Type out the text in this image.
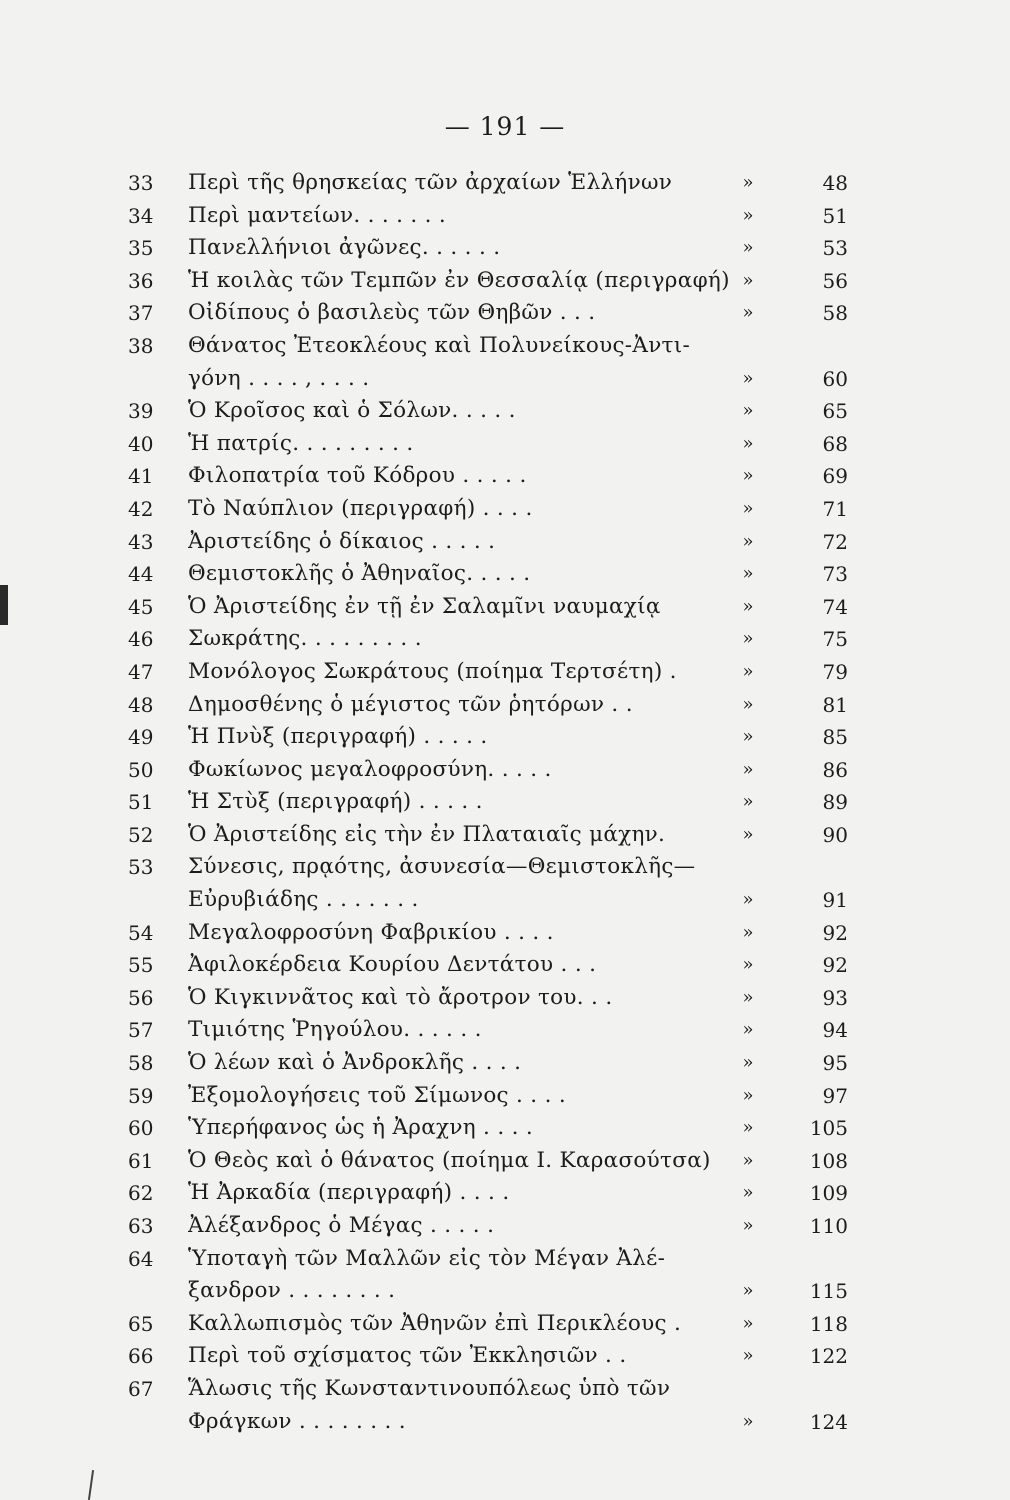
— 191 —
33	Περὶ τῆς θρησκείας τῶν ἀρχαίων Ἑλλήνων	»	48
34	Περὶ μαντείων. . . . . . .	»	51
35	Πανελλήνιοι ἀγῶνες. . . . . .	»	53
36	Ἡ κοιλὰς τῶν Τεμπῶν ἐν Θεσσαλίᾳ (περιγραφή) »	56
37	Οἰδίπους ὁ βασιλεὺς τῶν Θηβῶν . . .	»	58
38	Θάνατος Ἐτεοκλέους καὶ Πολυνείκους-Ἀντι-
γόνη . . . . , . . . .	»	60
39	Ὁ Κροῖσος καὶ ὁ Σόλων. . . . .	»	65
40	Ἡ πατρίς. . . . . . . . .	»	68
41	Φιλοπατρία τοῦ Κόδρου . . . . .	»	69
42	Τὸ Ναύπλιον (περιγραφή) . . . .	»	71
43	Ἀριστείδης ὁ δίκαιος . . . . .	»	72
44	Θεμιστοκλῆς ὁ Ἀθηναῖος. . . . .	»	73
45	Ὁ Ἀριστείδης ἐν τῇ ἐν Σαλαμῖνι ναυμαχίᾳ	»	74
46	Σωκράτης. . . . . . . . .	»	75
47	Μονόλογος Σωκράτους (ποίημα Τερτσέτη) .	»	79
48	Δημοσθένης ὁ μέγιστος τῶν ῥητόρων . .	»	81
49	Ἡ Πνὺξ (περιγραφή) . . . . .	»	85
50	Φωκίωνος μεγαλοφροσύνη. . . . .	»	86
51	Ἡ Στὺξ (περιγραφή) . . . . .	»	89
52	Ὁ Ἀριστείδης εἰς τὴν ἐν Πλαταιαῖς μάχην.	»	90
53	Σύνεσις, πρᾳότης, ἀσυνεσία—Θεμιστοκλῆς—
Εὐρυβιάδης . . . . . . .	»	91
54	Μεγαλοφροσύνη Φαβρικίου . . . .	»	92
55	Ἀφιλοκέρδεια Κουρίου Δεντάτου . . .	»	92
56	Ὁ Κιγκιννᾶτος καὶ τὸ ἄροτρον του. . .	»	93
57	Τιμιότης Ῥηγούλου. . . . . .	»	94
58	Ὁ λέων καὶ ὁ Ἀνδροκλῆς . . . .	»	95
59	Ἐξομολογήσεις τοῦ Σίμωνος . . . .	»	97
60	Ὑπερήφανος ὡς ἡ Ἀραχνη . . . .	»	105
61	Ὁ Θεὸς καὶ ὁ θάνατος (ποίημα Ι. Καρασούτσα)	»	108
62	Ἡ Ἀρκαδία (περιγραφή) . . . .	»	109
63	Ἀλέξανδρος ὁ Μέγας . . . . .	»	110
64	Ὑποταγὴ τῶν Μαλλῶν εἰς τὸν Μέγαν Ἀλέ-
ξανδρον . . . . . . . .	»	115
65	Καλλωπισμὸς τῶν Ἀθηνῶν ἐπὶ Περικλέους .	»	118
66	Περὶ τοῦ σχίσματος τῶν Ἐκκλησιῶν . .	»	122
67	Ἅλωσις τῆς Κωνσταντινουπόλεως ὑπὸ τῶν
Φράγκων . . . . . . . .	»	124
